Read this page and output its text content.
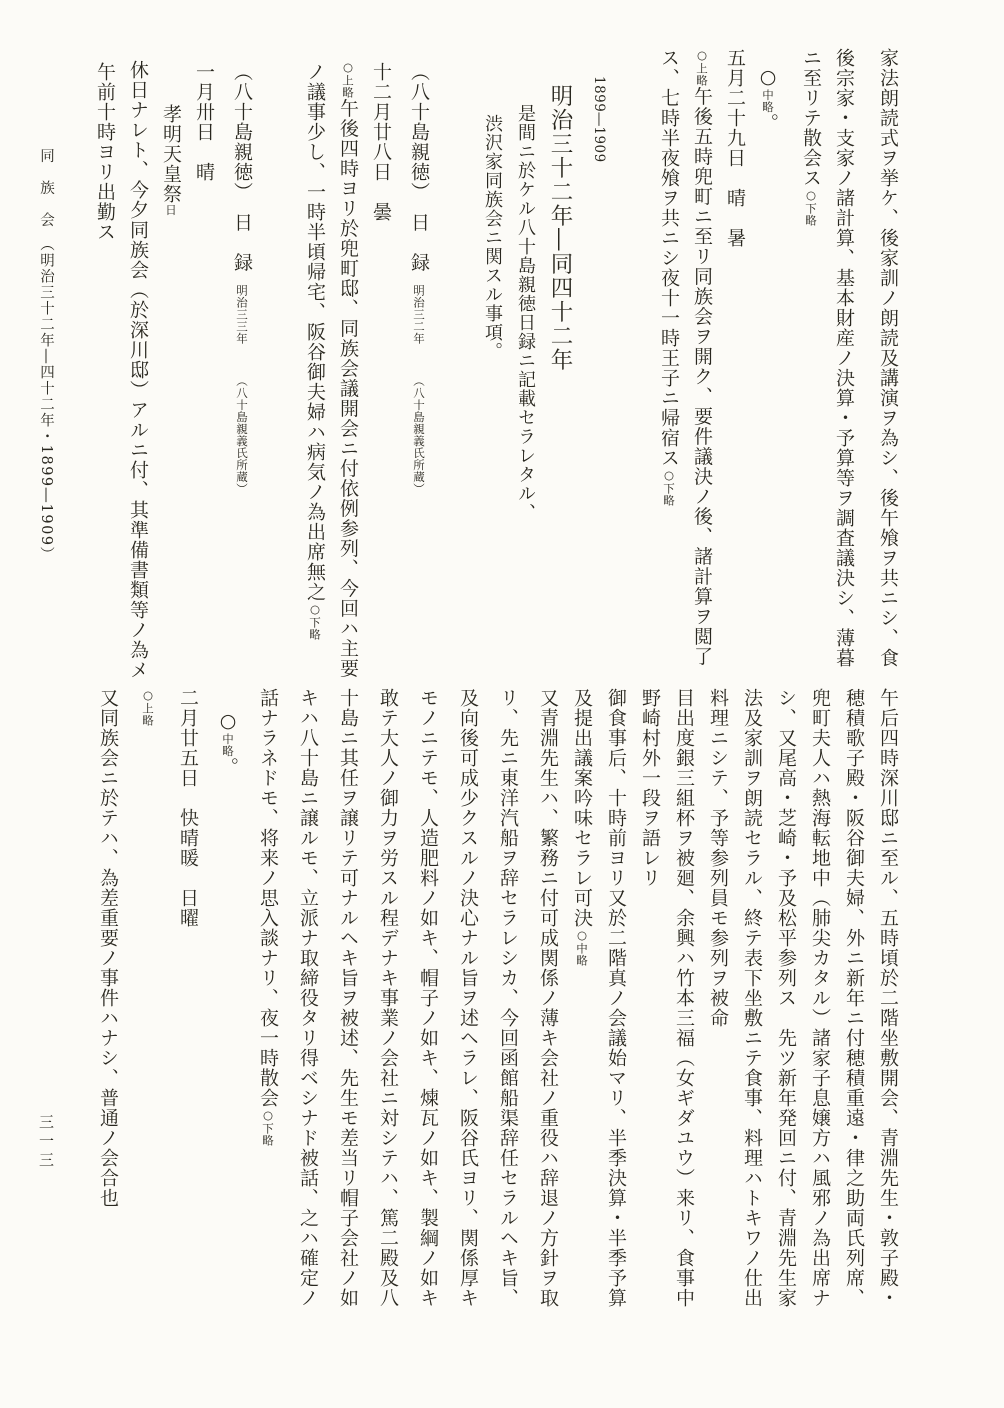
家法朗読式ヲ挙ケ、後家訓ノ朗読及講演ヲ為シ、後午飧ヲ共ニシ、食
後宗家・支家ノ諸計算、基本財産ノ決算・予算等ヲ調査議決シ、薄暮
ニ至リテ散会ス○下略
○中略。
五月二十九日　晴　暑
○上略午後五時兜町ニ至リ同族会ヲ開ク、要件議決ノ後、諸計算ヲ閲了
ス、七時半夜飧ヲ共ニシ夜十一時王子ニ帰宿ス○下略
1899―1909
明治三十二年―同四十二年
是間ニ於ケル八十島親徳日録ニ記載セラレタル、
渋沢家同族会ニ関スル事項。
（八十島親徳）　日　録　明治三二年　　　（八十島親義氏所蔵）
十二月廿八日　曇
○上略午後四時ヨリ於兜町邸、同族会議開会ニ付依例参列、今回ハ主要
ノ議事少し、一時半頃帰宅、阪谷御夫婦ハ病気ノ為出席無之○下略
（八十島親徳）　日　録　明治三三年　　　（八十島親義氏所蔵）
一月卅日　晴
孝明天皇祭日
休日ナレト、今夕同族会（於深川邸）アルニ付、其準備書類等ノ為メ
午前十時ヨリ出勤ス
午后四時深川邸ニ至ル、五時頃於二階坐敷開会、青淵先生・敦子殿・
穂積歌子殿・阪谷御夫婦、外ニ新年ニ付穂積重遠・律之助両氏列席、
兜町夫人ハ熱海転地中（肺尖カタル）諸家子息嬢方ハ風邪ノ為出席ナ
シ、又尾高・芝崎・予及松平参列ス　先ツ新年発回ニ付、青淵先生家
法及家訓ヲ朗読セラル、終テ表下坐敷ニテ食事、料理ハトキワノ仕出
料理ニシテ、予等参列員モ参列ヲ被命
目出度銀三組杯ヲ被廻、余興ハ竹本三福（女ギダユウ）来リ、食事中
野崎村外一段ヲ語レリ
御食事后、十時前ヨリ又於二階真ノ会議始マリ、半季決算・半季予算
及提出議案吟味セラレ可決○中略
又青淵先生ハ、繁務ニ付可成関係ノ薄キ会社ノ重役ハ辞退ノ方針ヲ取
リ、先ニ東洋汽船ヲ辞セラレシカ、今回函館船渠辞任セラルヘキ旨、
及向後可成少クスルノ決心ナル旨ヲ述ヘラレ、阪谷氏ヨリ、関係厚キ
モノニテモ、人造肥料ノ如キ、帽子ノ如キ、煉瓦ノ如キ、製綱ノ如キ
敢テ大人ノ御力ヲ労スル程デナキ事業ノ会社ニ対シテハ、篤二殿及八
十島ニ其任ヲ譲リテ可ナルヘキ旨ヲ被述、先生モ差当リ帽子会社ノ如
キハ八十島ニ譲ルモ、立派ナ取締役タリ得ベシナド被話、之ハ確定ノ
話ナラネドモ、将来ノ思入談ナリ、夜一時散会○下略
○中略。
二月廿五日　快晴暖　日曜
○上略
又同族会ニ於テハ、為差重要ノ事件ハナシ、普通ノ会合也
同　族　会　（明治三十二年―四十二年・1899―1909）
三一三
